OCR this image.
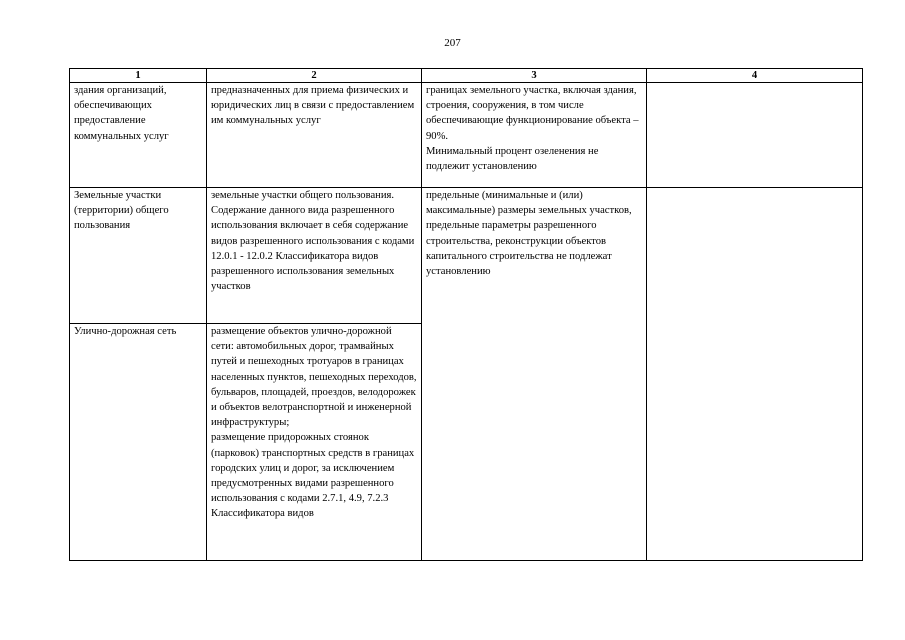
207
1	2	3	4
здания организаций, обеспечивающих предоставление коммунальных услуг	предназначенных для приема физических и юридических лиц в связи с предоставлением им коммунальных услуг	границах земельного участка, включая здания, строения, сооружения, в том числе обеспечивающие функционирование объекта – 90%.
Минимальный процент озеленения не подлежит установлению	

Земельные участки (территории) общего пользования	земельные участки общего пользования. Содержание данного вида разрешенного использования включает в себя содержание видов разрешенного использования с кодами 12.0.1 - 12.0.2 Классификатора видов разрешенного использования земельных участков	предельные (минимальные и (или) максимальные) размеры земельных участков, предельные параметры разрешенного строительства, реконструкции объектов капитального строительства не подлежат установлению	
Улично-дорожная сеть	размещение объектов улично-дорожной сети: автомобильных дорог, трамвайных путей и пешеходных тротуаров в границах населенных пунктов, пешеходных переходов, бульваров, площадей, проездов, велодорожек и объектов велотранспортной и инженерной инфраструктуры;
размещение придорожных стоянок (парковок) транспортных средств в границах городских улиц и дорог, за исключением предусмотренных видами разрешенного использования с кодами 2.7.1, 4.9, 7.2.3 Классификатора видов		
